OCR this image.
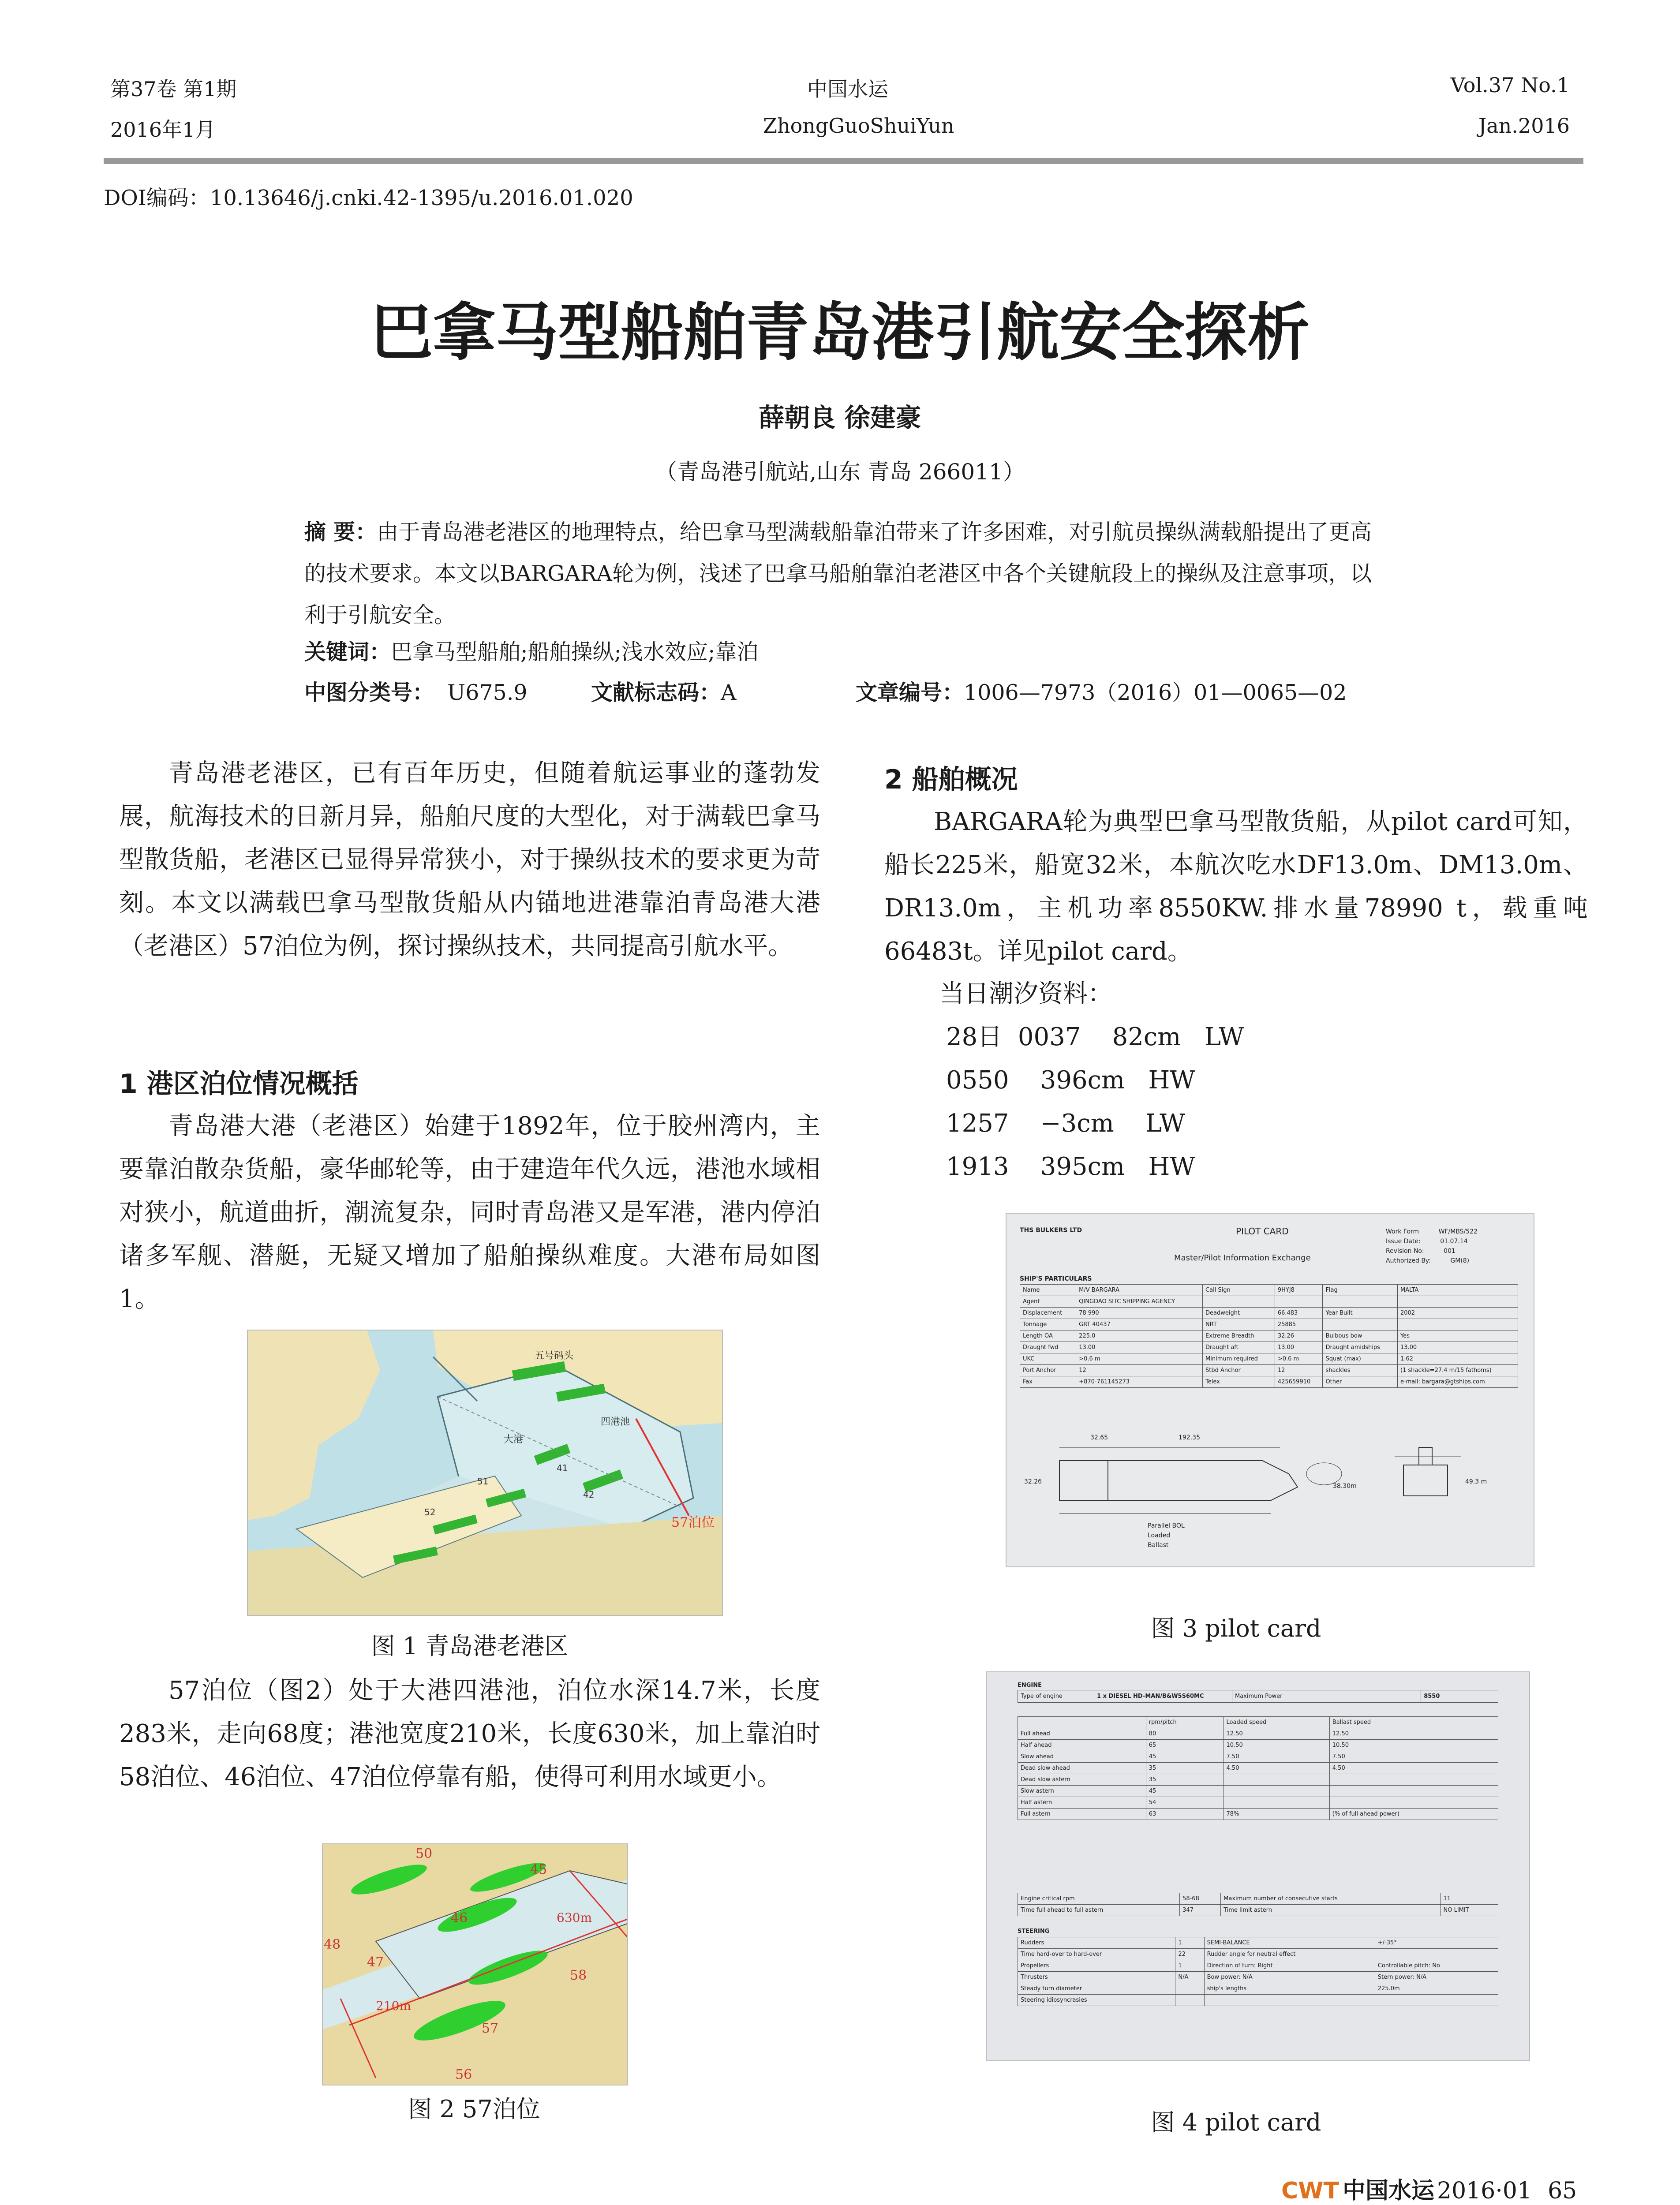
第37卷 第1期
2016年1月
中国水运
ZhongGuoShuiYun
Vol.37 No.1
Jan.2016
DOI编码：10.13646/j.cnki.42-1395/u.2016.01.020
巴拿马型船舶青岛港引航安全探析
薛朝良 徐建豪
（青岛港引航站,山东 青岛 266011）
摘 要：由于青岛港老港区的地理特点，给巴拿马型满载船靠泊带来了许多困难，对引航员操纵满载船提出了更高的技术要求。本文以BARGARA轮为例，浅述了巴拿马船舶靠泊老港区中各个关键航段上的操纵及注意事项，以利于引航安全。
关键词：巴拿马型船舶;船舶操纵;浅水效应;靠泊
中图分类号： U675.9	文献标志码：A	文章编号：1006—7973（2016）01—0065—02
青岛港老港区，已有百年历史，但随着航运事业的蓬勃发展，航海技术的日新月异，船舶尺度的大型化，对于满载巴拿马型散货船，老港区已显得异常狭小，对于操纵技术的要求更为苛刻。本文以满载巴拿马型散货船从内锚地进港靠泊青岛港大港（老港区）57泊位为例，探讨操纵技术，共同提高引航水平。
1 港区泊位情况概括
青岛港大港（老港区）始建于1892年，位于胶州湾内，主要靠泊散杂货船，豪华邮轮等，由于建造年代久远，港池水域相对狭小，航道曲折，潮流复杂，同时青岛港又是军港，港内停泊诸多军舰、潜艇，无疑又增加了船舶操纵难度。大港布局如图1。
五号码头
大港
四港池
57泊位
51
52
41
42
图 1 青岛港老港区
57泊位（图2）处于大港四港池，泊位水深14.7米，长度283米，走向68度；港池宽度210米，长度630米，加上靠泊时58泊位、46泊位、47泊位停靠有船，使得可利用水域更小。
50
45
46
47
48
57
58
56
630m
210m
图 2 57泊位
2 船舶概况
BARGARA轮为典型巴拿马型散货船，从pilot card可知，船长225米，船宽32米，本航次吃水DF13.0m、DM13.0m、DR13.0m，主机功率8550KW.排水量78990 t，载重吨66483t。详见pilot card。
当日潮汐资料：
28日  0037    82cm   LW
0550    396cm   HW
1257    −3cm    LW
1913    395cm   HW
THS BULKERS LTD	PILOT CARD
Master/Pilot Information Exchange
Work Form	WF/MBS/522
Issue Date:	01.07.14
Revision No:	001
Authorized By:	GM(8)
SHIP'S PARTICULARS
Name	M/V BARGARA	Call Sign	9HYJ8	Flag	MALTA
Agent	QINGDAO SITC SHIPPING AGENCY				
Displacement	78 990	Deadweight	66.483	Year Built	2002
Tonnage	GRT 40437	NRT	25885		
Length OA	225.0	Extreme Breadth	32.26	Bulbous bow	Yes
Draught fwd	13.00	Draught aft	13.00	Draught amidships	13.00
UKC	>0.6 m	Minimum required	>0.6 m	Squat (max)	1.62
Port Anchor	12	Stbd Anchor	12	shackles	(1 shackle=27.4 m/15 fathoms)
Fax	+870-761145273	Telex	425659910	Other	e-mail: bargara@gtships.com
32.65	192.35
32.26
38.30m
49.3 m
Parallel BOL
Loaded
Ballast
图 3 pilot card
ENGINE
Type of engine	1 x DIESEL HD-MAN/B&W5S60MC	Maximum Power	8550
	rpm/pitch	Loaded speed	Ballast speed
Full ahead	80	12.50	12.50
Half ahead	65	10.50	10.50
Slow ahead	45	7.50	7.50
Dead slow ahead	35	4.50	4.50
Dead slow astern	35		
Slow astern	45		
Half astern	54		
Full astern	63	78%	(% of full ahead power)
Engine critical rpm	58-68	Maximum number of consecutive starts	11
Time full ahead to full astern	347	Time limit astern	NO LIMIT
STEERING
Rudders	1	SEMI-BALANCE	+/-35°
Time hard-over to hard-over	22	Rudder angle for neutral effect	
Propellers	1	Direction of turn: Right	Controllable pitch: No
Thrusters	N/A	Bow power: N/A	Stern power: N/A
Steady turn diameter		ship's lengths	225.0m
Steering idiosyncrasies			
图 4 pilot card
CWT 中国水运 2016·01 65
